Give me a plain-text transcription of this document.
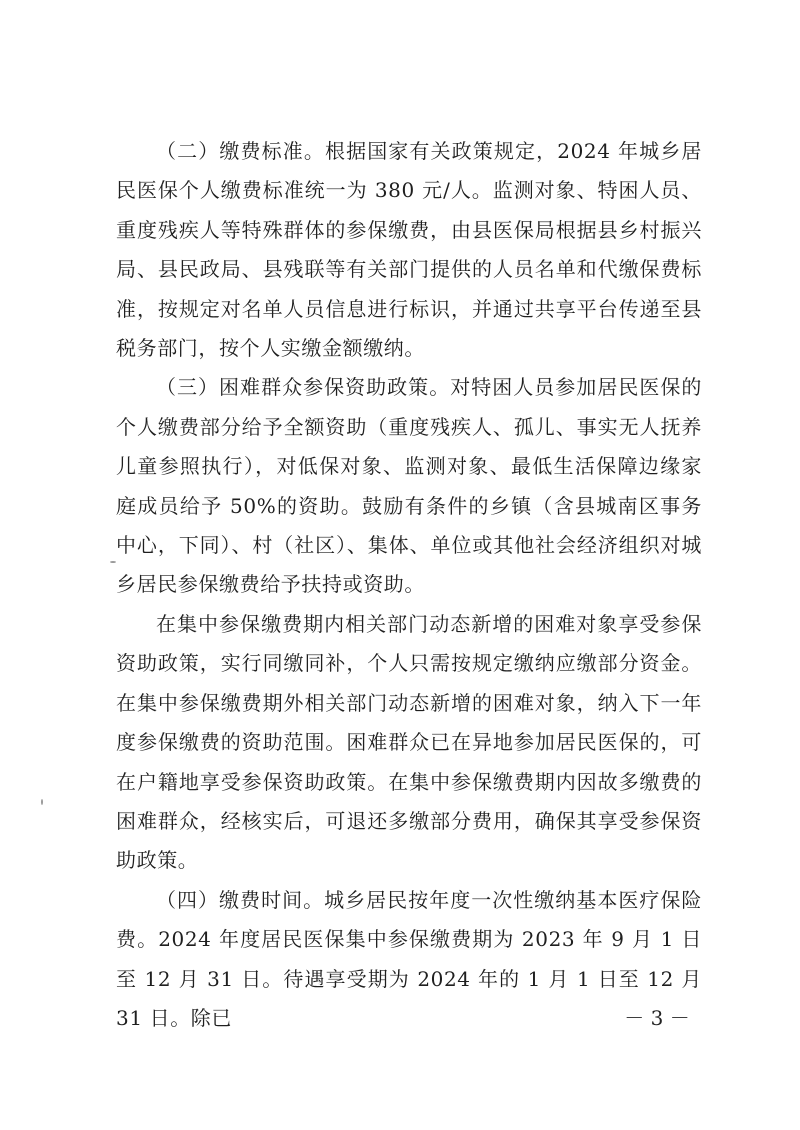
（二）缴费标准。根据国家有关政策规定，2024 年城乡居民医保个人缴费标准统一为 380 元/人。监测对象、特困人员、重度残疾人等特殊群体的参保缴费，由县医保局根据县乡村振兴局、县民政局、县残联等有关部门提供的人员名单和代缴保费标准，按规定对名单人员信息进行标识，并通过共享平台传递至县税务部门，按个人实缴金额缴纳。

（三）困难群众参保资助政策。对特困人员参加居民医保的个人缴费部分给予全额资助（重度残疾人、孤儿、事实无人抚养儿童参照执行），对低保对象、监测对象、最低生活保障边缘家庭成员给予 50%的资助。鼓励有条件的乡镇（含县城南区事务中心，下同）、村（社区）、集体、单位或其他社会经济组织对城乡居民参保缴费给予扶持或资助。

在集中参保缴费期内相关部门动态新增的困难对象享受参保资助政策，实行同缴同补，个人只需按规定缴纳应缴部分资金。在集中参保缴费期外相关部门动态新增的困难对象，纳入下一年度参保缴费的资助范围。困难群众已在异地参加居民医保的，可在户籍地享受参保资助政策。在集中参保缴费期内因故多缴费的困难群众，经核实后，可退还多缴部分费用，确保其享受参保资助政策。

（四）缴费时间。城乡居民按年度一次性缴纳基本医疗保险费。2024 年度居民医保集中参保缴费期为 2023 年 9 月 1 日至 12 月 31 日。待遇享受期为 2024 年的 1 月 1 日至 12 月 31 日。除已	－ 3 －
